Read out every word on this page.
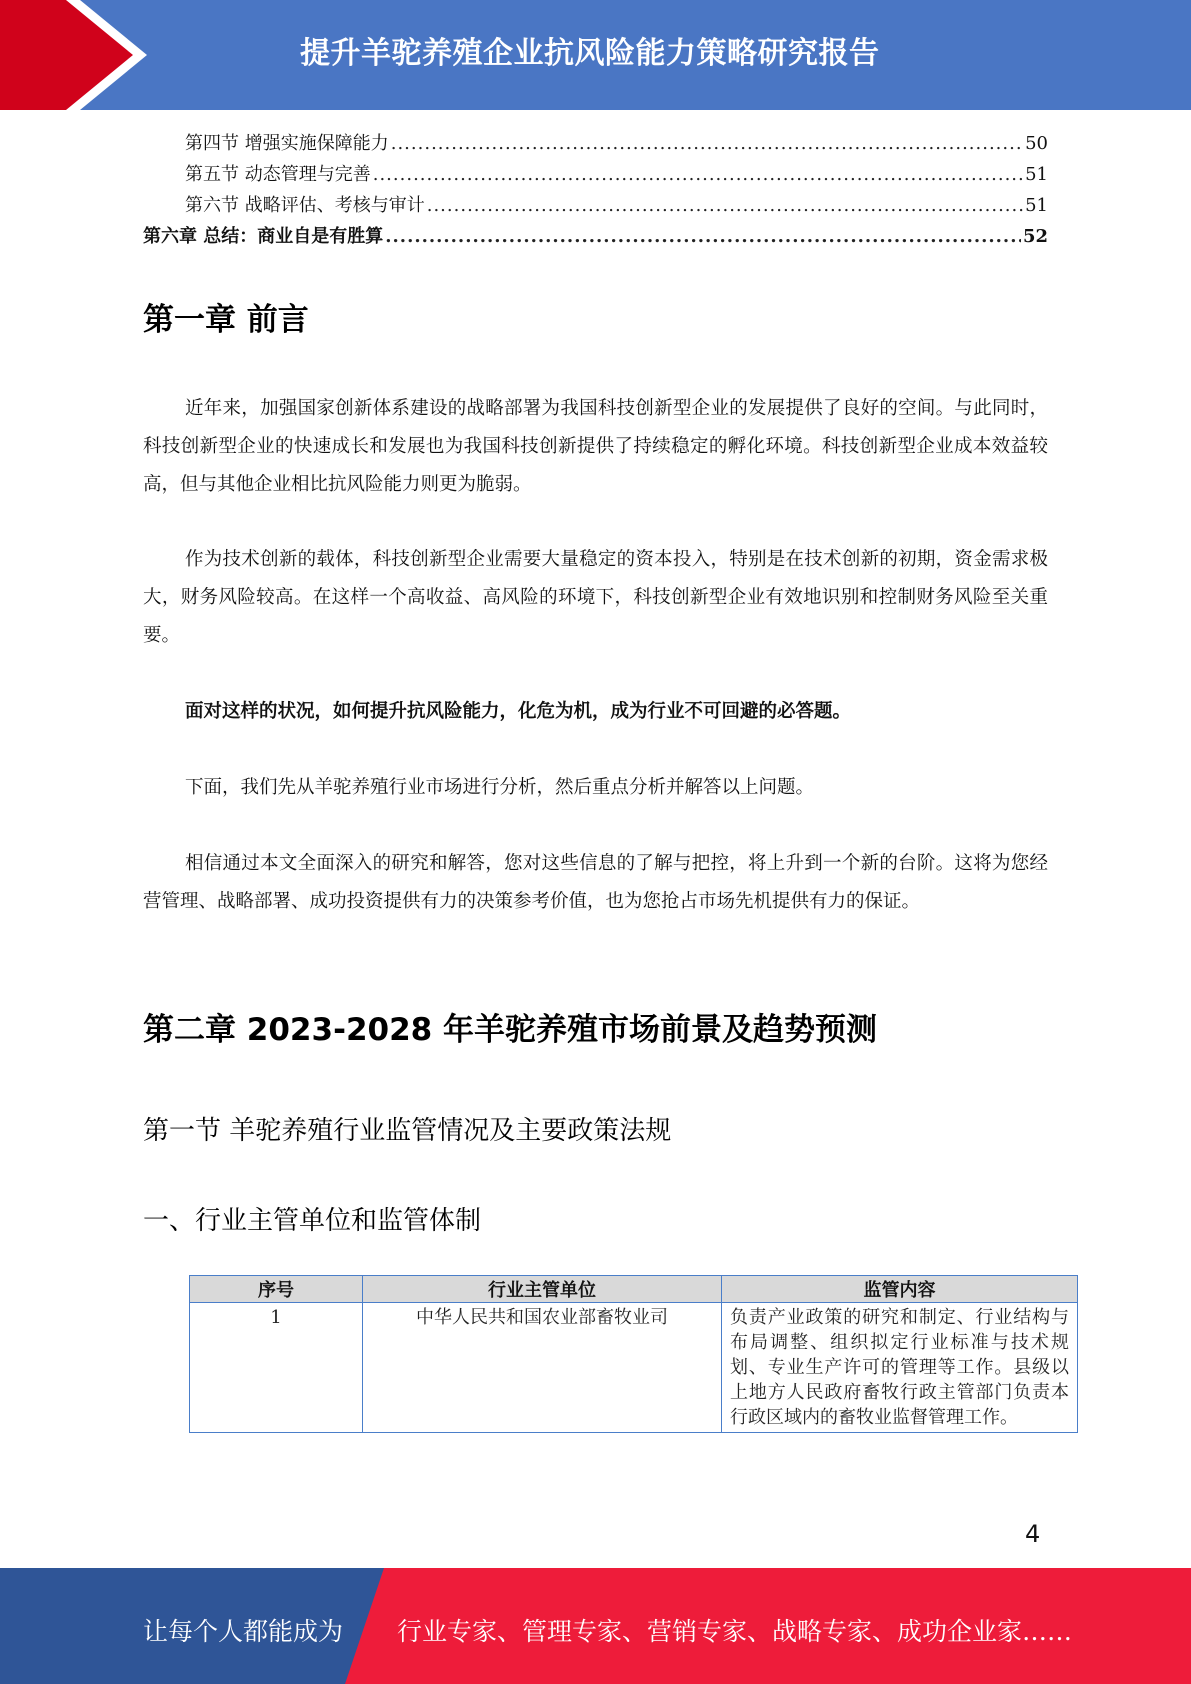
提升羊驼养殖企业抗风险能力策略研究报告
第四节 增强实施保障能力 .....	50
第五节 动态管理与完善 .....	51
第六节 战略评估、考核与审计 .....	51
第六章 总结：商业自是有胜算 .....	52
第一章 前言

近年来，加强国家创新体系建设的战略部署为我国科技创新型企业的发展提供了良好的空间。与此同时，科技创新型企业的快速成长和发展也为我国科技创新提供了持续稳定的孵化环境。科技创新型企业成本效益较高，但与其他企业相比抗风险能力则更为脆弱。

作为技术创新的载体，科技创新型企业需要大量稳定的资本投入，特别是在技术创新的初期，资金需求极大，财务风险较高。在这样一个高收益、高风险的环境下，科技创新型企业有效地识别和控制财务风险至关重要。

面对这样的状况，如何提升抗风险能力，化危为机，成为行业不可回避的必答题。

下面，我们先从羊驼养殖行业市场进行分析，然后重点分析并解答以上问题。

相信通过本文全面深入的研究和解答，您对这些信息的了解与把控，将上升到一个新的台阶。这将为您经营管理、战略部署、成功投资提供有力的决策参考价值，也为您抢占市场先机提供有力的保证。

第二章 2023-2028 年羊驼养殖市场前景及趋势预测
第一节 羊驼养殖行业监管情况及主要政策法规
一、行业主管单位和监管体制
序号	行业主管单位	监管内容
1	中华人民共和国农业部畜牧业司	负责产业政策的研究和制定、行业结构与布局调整、组织拟定行业标准与技术规划、专业生产许可的管理等工作。县级以上地方人民政府畜牧行政主管部门负责本行政区域内的畜牧业监督管理工作。
4
让每个人都能成为 行业专家、管理专家、营销专家、战略专家、成功企业家……
